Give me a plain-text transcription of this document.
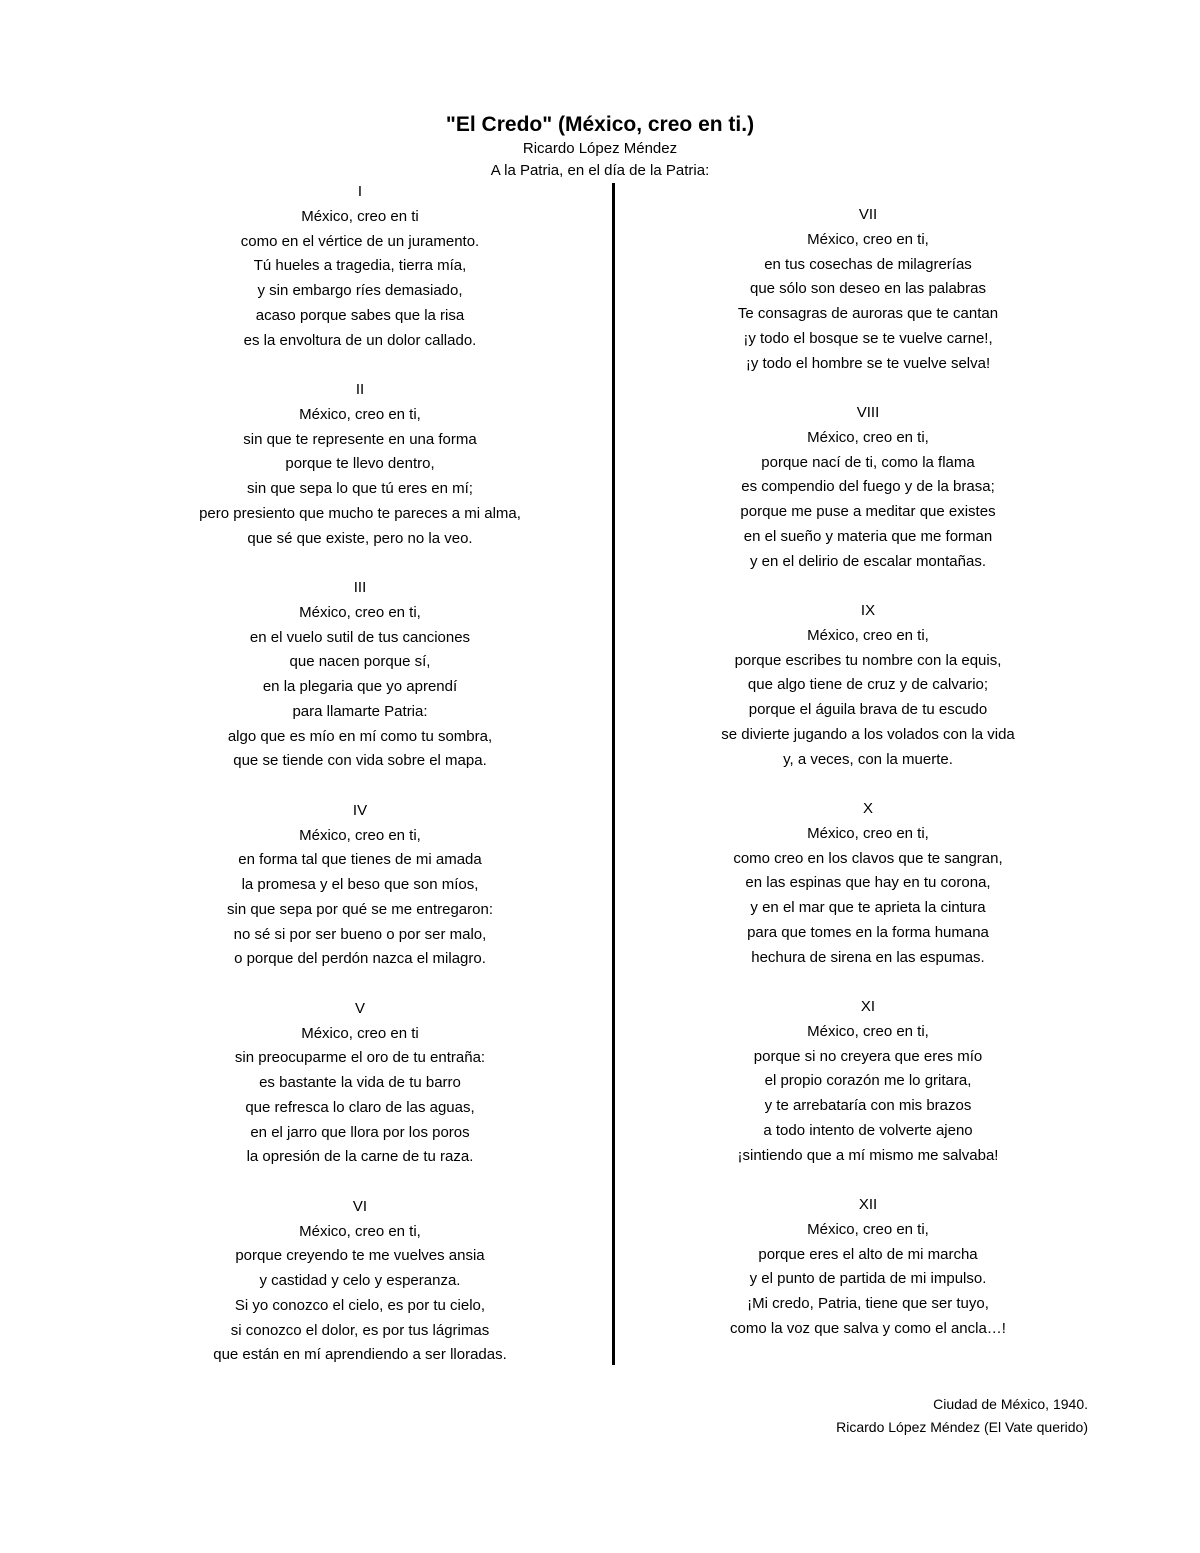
"El Credo" (México, creo en ti.)
Ricardo López Méndez
A la Patria, en el día de la Patria:
I
México, creo en ti
como en el vértice de un juramento.
Tú hueles a tragedia, tierra mía,
y sin embargo ríes demasiado,
acaso porque sabes que la risa
es la envoltura de un dolor callado.
II
México, creo en ti,
sin que te represente en una forma
porque te llevo dentro,
sin que sepa lo que tú eres en mí;
pero presiento que mucho te pareces a mi alma,
que sé que existe, pero no la veo.
III
México, creo en ti,
en el vuelo sutil de tus canciones
que nacen porque sí,
en la plegaria que yo aprendí
para llamarte Patria:
algo que es mío en mí como tu sombra,
que se tiende con vida sobre el mapa.
IV
México, creo en ti,
en forma tal que tienes de mi amada
la promesa y el beso que son míos,
sin que sepa por qué se me entregaron:
no sé si por ser bueno o por ser malo,
o porque del perdón nazca el milagro.
V
México, creo en ti
sin preocuparme el oro de tu entraña:
es bastante la vida de tu barro
que refresca lo claro de las aguas,
en el jarro que llora por los poros
la opresión de la carne de tu raza.
VI
México, creo en ti,
porque creyendo te me vuelves ansia
y castidad y celo y esperanza.
Si yo conozco el cielo, es por tu cielo,
si conozco el dolor, es por tus lágrimas
que están en mí aprendiendo a ser lloradas.
VII
México, creo en ti,
en tus cosechas de milagrerías
que sólo son deseo en las palabras
Te consagras de auroras que te cantan
¡y todo el bosque se te vuelve carne!,
¡y todo el hombre se te vuelve selva!
VIII
México, creo en ti,
porque nací de ti, como la flama
es compendio del fuego y de la brasa;
porque me puse a meditar que existes
en el sueño y materia que me forman
y en el delirio de escalar montañas.
IX
México, creo en ti,
porque escribes tu nombre con la equis,
que algo tiene de cruz y de calvario;
porque el águila brava de tu escudo
se divierte jugando a los volados con la vida
y, a veces, con la muerte.
X
México, creo en ti,
como creo en los clavos que te sangran,
en las espinas que hay en tu corona,
y en el mar que te aprieta la cintura
para que tomes en la forma humana
hechura de sirena en las espumas.
XI
México, creo en ti,
porque si no creyera que eres mío
el propio corazón me lo gritara,
y te arrebataría con mis brazos
a todo intento de volverte ajeno
¡sintiendo que a mí mismo me salvaba!
XII
México, creo en ti,
porque eres el alto de mi marcha
y el punto de partida de mi impulso.
¡Mi credo, Patria, tiene que ser tuyo,
como la voz que salva y como el ancla…!
Ciudad de México, 1940.
Ricardo López Méndez (El Vate querido)
